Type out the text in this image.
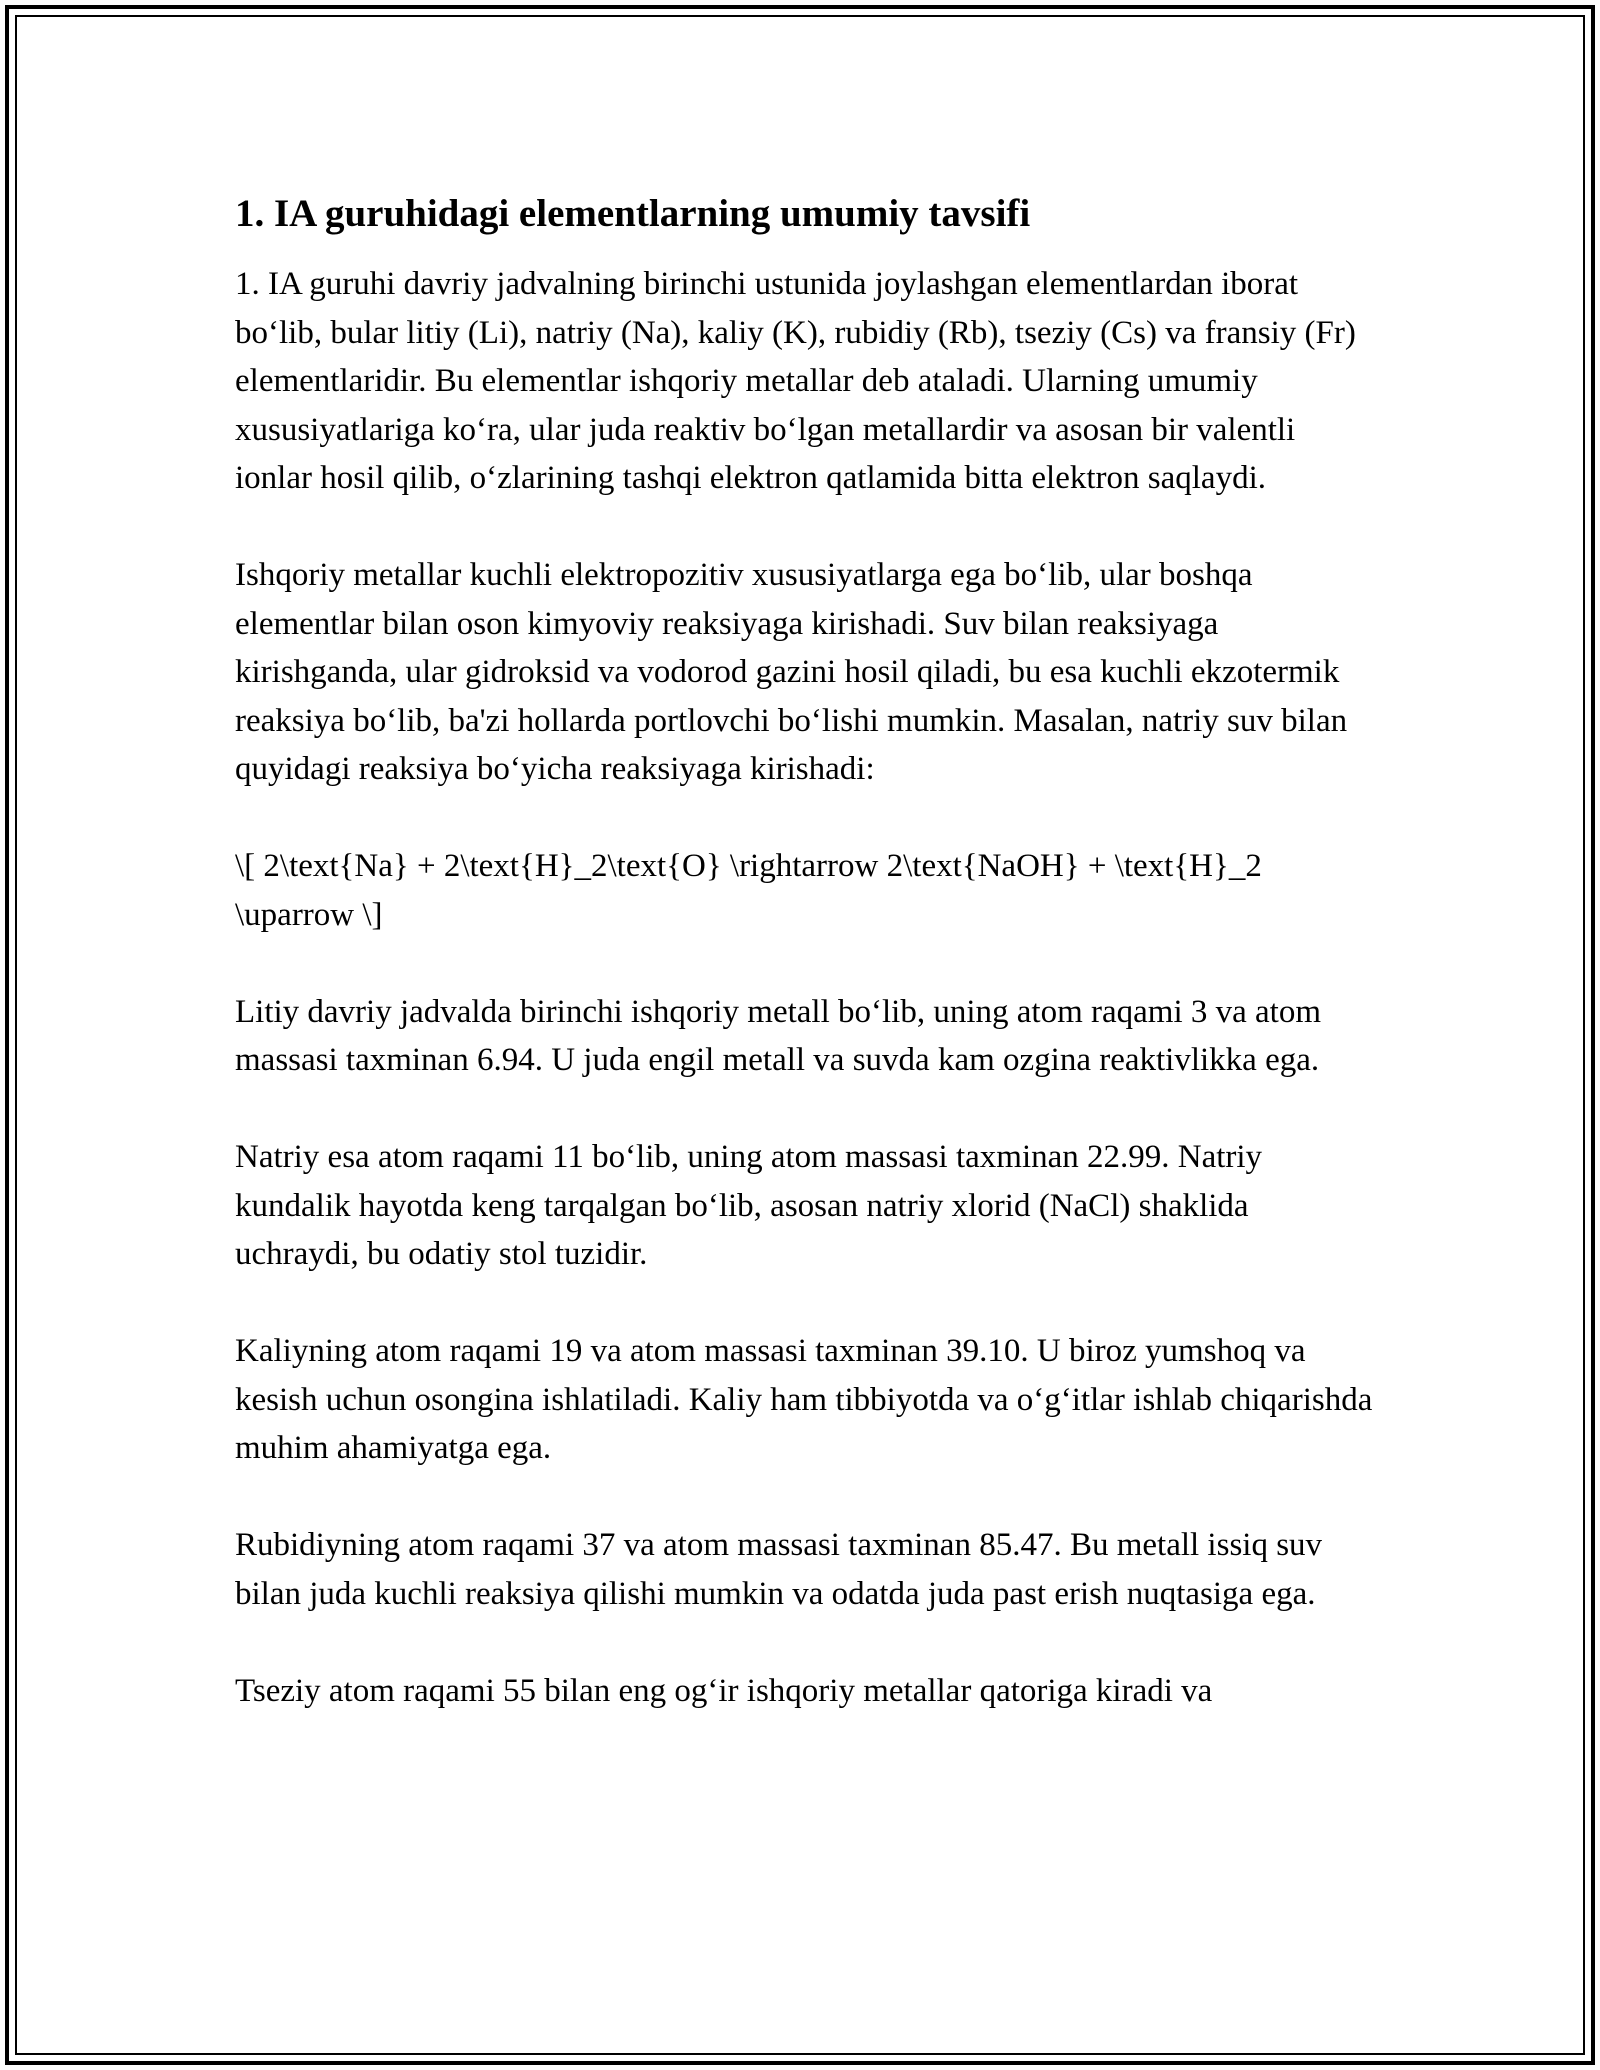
1. IA guruhidagi elementlarning umumiy tavsifi

1. IA guruhi davriy jadvalning birinchi ustunida joylashgan elementlardan iborat bo‘lib, bular litiy (Li), natriy (Na), kaliy (K), rubidiy (Rb), tseziy (Cs) va fransiy (Fr) elementlaridir. Bu elementlar ishqoriy metallar deb ataladi. Ularning umumiy xususiyatlariga ko‘ra, ular juda reaktiv bo‘lgan metallardir va asosan bir valentli ionlar hosil qilib, o‘zlarining tashqi elektron qatlamida bitta elektron saqlaydi.

Ishqoriy metallar kuchli elektropozitiv xususiyatlarga ega bo‘lib, ular boshqa elementlar bilan oson kimyoviy reaksiyaga kirishadi. Suv bilan reaksiyaga kirishganda, ular gidroksid va vodorod gazini hosil qiladi, bu esa kuchli ekzotermik reaksiya bo‘lib, ba'zi hollarda portlovchi bo‘lishi mumkin. Masalan, natriy suv bilan quyidagi reaksiya bo‘yicha reaksiyaga kirishadi:

\[ 2\text{Na} + 2\text{H}_2\text{O} \rightarrow 2\text{NaOH} + \text{H}_2 \uparrow \]

Litiy davriy jadvalda birinchi ishqoriy metall bo‘lib, uning atom raqami 3 va atom massasi taxminan 6.94. U juda engil metall va suvda kam ozgina reaktivlikka ega.

Natriy esa atom raqami 11 bo‘lib, uning atom massasi taxminan 22.99. Natriy kundalik hayotda keng tarqalgan bo‘lib, asosan natriy xlorid (NaCl) shaklida uchraydi, bu odatiy stol tuzidir.

Kaliyning atom raqami 19 va atom massasi taxminan 39.10. U biroz yumshoq va kesish uchun osongina ishlatiladi. Kaliy ham tibbiyotda va o‘g‘itlar ishlab chiqarishda muhim ahamiyatga ega.

Rubidiyning atom raqami 37 va atom massasi taxminan 85.47. Bu metall issiq suv bilan juda kuchli reaksiya qilishi mumkin va odatda juda past erish nuqtasiga ega.

Tseziy atom raqami 55 bilan eng og‘ir ishqoriy metallar qatoriga kiradi va
